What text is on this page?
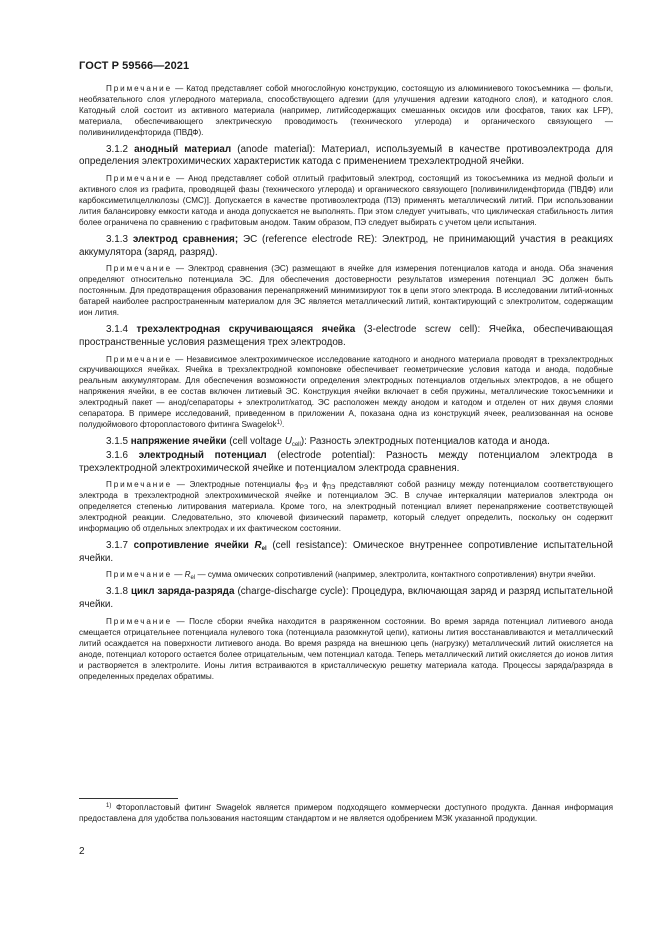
ГОСТ Р 59566—2021

Примечание — Катод представляет собой многослойную конструкцию, состоящую из алюминиевого токосъемника — фольги, необязательного слоя углеродного материала, способствующего адгезии (для улучшения адгезии катодного слоя), и катодного слоя. Катодный слой состоит из активного материала (например, литийсодержащих смешанных оксидов или фосфатов, таких как LFP), материала, обеспечивающего электрическую проводимость (технического углерода) и органического связующего — поливинилиденфторида (ПВДФ).

3.1.2 анодный материал (anode material): Материал, используемый в качестве противоэлектрода для определения электрохимических характеристик катода с применением трехэлектродной ячейки.

Примечание — Анод представляет собой отлитый графитовый электрод, состоящий из токосъемника из медной фольги и активного слоя из графита, проводящей фазы (технического углерода) и органического связующего [поливинилиденфторида (ПВДФ) или карбоксиметилцеллюлозы (СМС)]. Допускается в качестве противоэлектрода (ПЭ) применять металлический литий. При использовании лития балансировку емкости катода и анода допускается не выполнять. При этом следует учитывать, что циклическая стабильность лития более ограничена по сравнению с графитовым анодом. Таким образом, ПЭ следует выбирать с учетом цели испытания.

3.1.3 электрод сравнения; ЭС (reference electrode RE): Электрод, не принимающий участия в реакциях аккумулятора (заряд, разряд).

Примечание — Электрод сравнения (ЭС) размещают в ячейке для измерения потенциалов катода и анода. Оба значения определяют относительно потенциала ЭС. Для обеспечения достоверности результатов измерения потенциал ЭС должен быть постоянным. Для предотвращения образования перенапряжений минимизируют ток в цепи этого электрода. В исследовании литий-ионных батарей наиболее распространенным материалом для ЭС является металлический литий, контактирующий с электролитом, содержащим ион лития.

3.1.4 трехэлектродная скручивающаяся ячейка (3-electrode screw cell): Ячейка, обеспечивающая пространственные условия размещения трех электродов.

Примечание — Независимое электрохимическое исследование катодного и анодного материала проводят в трехэлектродных скручивающихся ячейках. Ячейка в трехэлектродной компоновке обеспечивает геометрические условия катода и анода, подобные реальным аккумуляторам. Для обеспечения возможности определения электродных потенциалов отдельных электродов, а не общего напряжения ячейки, в ее состав включен литиевый ЭС. Конструкция ячейки включает в себя пружины, металлические токосъемники и электродный пакет — анод/сепараторы + электролит/катод. ЭС расположен между анодом и катодом и отделен от них двумя слоями сепаратора. В примере исследований, приведенном в приложении А, показана одна из конструкций ячеек, реализованная на основе полудюймового фторопластового фитинга Swagelok$^{1)}$.

3.1.5 напряжение ячейки (cell voltage $U_{cell}$): Разность электродных потенциалов катода и анода.

3.1.6 электродный потенциал (electrode potential): Разность между потенциалом электрода в трехэлектродной электрохимической ячейке и потенциалом электрода сравнения.

Примечание — Электродные потенциалы $\phi_{РЭ}$ и $\phi_{ПЭ}$ представляют собой разницу между потенциалом соответствующего электрода в трехэлектродной электрохимической ячейке и потенциалом ЭС. В случае интеркаляции материалов электрода он определяется степенью литирования материала. Кроме того, на электродный потенциал влияет перенапряжение соответствующей электродной реакции. Следовательно, это ключевой физический параметр, который следует определить, поскольку он содержит информацию об отдельных электродах и их фактическом состоянии.

3.1.7 сопротивление ячейки $R_{el}$ (cell resistance): Омическое внутреннее сопротивление испытательной ячейки.

Примечание — $R_{el}$ — сумма омических сопротивлений (например, электролита, контактного сопротивления) внутри ячейки.

3.1.8 цикл заряда-разряда (charge-discharge cycle): Процедура, включающая заряд и разряд испытательной ячейки.

Примечание — После сборки ячейка находится в разряженном состоянии. Во время заряда потенциал литиевого анода смещается отрицательнее потенциала нулевого тока (потенциала разомкнутой цепи), катионы лития восстанавливаются и металлический литий осаждается на поверхности литиевого анода. Во время разряда на внешнюю цепь (нагрузку) металлический литий окисляется на аноде, потенциал которого остается более отрицательным, чем потенциал катода. Теперь металлический литий окисляется до ионов лития и растворяется в электролите. Ионы лития встраиваются в кристаллическую решетку материала катода. Процессы заряда/разряда в определенных пределах обратимы.

$^{1)}$ Фторопластовый фитинг Swagelok является примером подходящего коммерчески доступного продукта. Данная информация предоставлена для удобства пользования настоящим стандартом и не является одобрением МЭК указанной продукции.
2
